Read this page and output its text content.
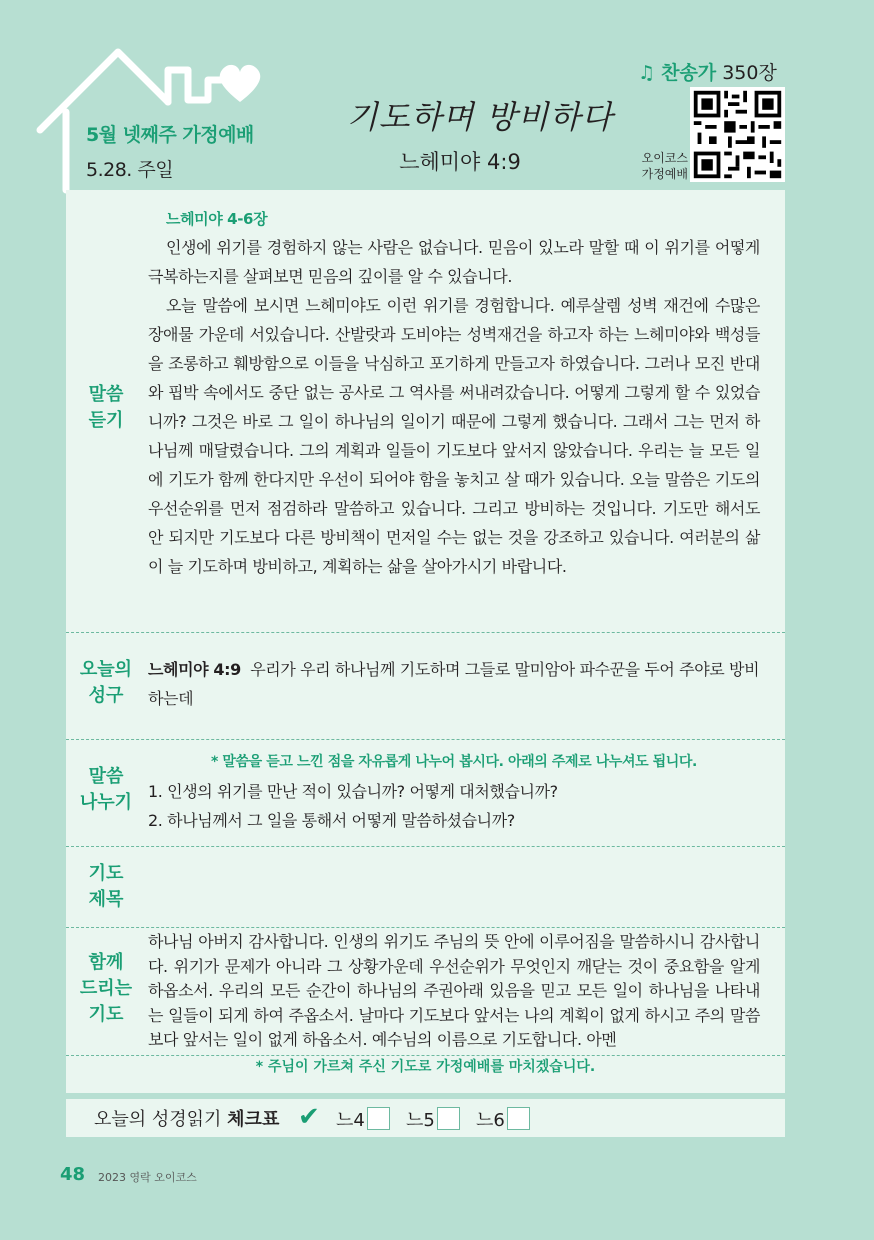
5월 넷째주 가정예배
5.28. 주일
기도하며 방비하다
느헤미야 4:9
♫ 찬송가 350장
오이코스
가정예배
말씀
듣기
느헤미야 4-6장

인생에 위기를 경험하지 않는 사람은 없습니다. 믿음이 있노라 말할 때 이 위기를 어떻게 극복하는지를 살펴보면 믿음의 깊이를 알 수 있습니다.

오늘 말씀에 보시면 느헤미야도 이런 위기를 경험합니다. 예루살렘 성벽 재건에 수많은 장애물 가운데 서있습니다. 산발랏과 도비야는 성벽재건을 하고자 하는 느헤미야와 백성들을 조롱하고 훼방함으로 이들을 낙심하고 포기하게 만들고자 하였습니다. 그러나 모진 반대와 핍박 속에서도 중단 없는 공사로 그 역사를 써내려갔습니다. 어떻게 그렇게 할 수 있었습니까? 그것은 바로 그 일이 하나님의 일이기 때문에 그렇게 했습니다. 그래서 그는 먼저 하나님께 매달렸습니다. 그의 계획과 일들이 기도보다 앞서지 않았습니다. 우리는 늘 모든 일에 기도가 함께 한다지만 우선이 되어야 함을 놓치고 살 때가 있습니다. 오늘 말씀은 기도의 우선순위를 먼저 점검하라 말씀하고 있습니다. 그리고 방비하는 것입니다. 기도만 해서도 안 되지만 기도보다 다른 방비책이 먼저일 수는 없는 것을 강조하고 있습니다. 여러분의 삶이 늘 기도하며 방비하고, 계획하는 삶을 살아가시기 바랍니다.

오늘의
성구
느헤미야 4:9 우리가 우리 하나님께 기도하며 그들로 말미암아 파수꾼을 두어 주야로 방비하는데
말씀
나누기
* 말씀을 듣고 느낀 점을 자유롭게 나누어 봅시다. 아래의 주제로 나누셔도 됩니다.
1. 인생의 위기를 만난 적이 있습니까? 어떻게 대처했습니까?
2. 하나님께서 그 일을 통해서 어떻게 말씀하셨습니까?
기도
제목
함께
드리는
기도

하나님 아버지 감사합니다. 인생의 위기도 주님의 뜻 안에 이루어짐을 말씀하시니 감사합니다. 위기가 문제가 아니라 그 상황가운데 우선순위가 무엇인지 깨닫는 것이 중요함을 알게 하옵소서. 우리의 모든 순간이 하나님의 주권아래 있음을 믿고 모든 일이 하나님을 나타내는 일들이 되게 하여 주옵소서. 날마다 기도보다 앞서는 나의 계획이 없게 하시고 주의 말씀보다 앞서는 일이 없게 하옵소서. 예수님의 이름으로 기도합니다. 아멘

* 주님이 가르쳐 주신 기도로 가정예배를 마치겠습니다.
오늘의 성경읽기 체크표 ✔ 느4 느5 느6
48 2023 영락 오이코스
